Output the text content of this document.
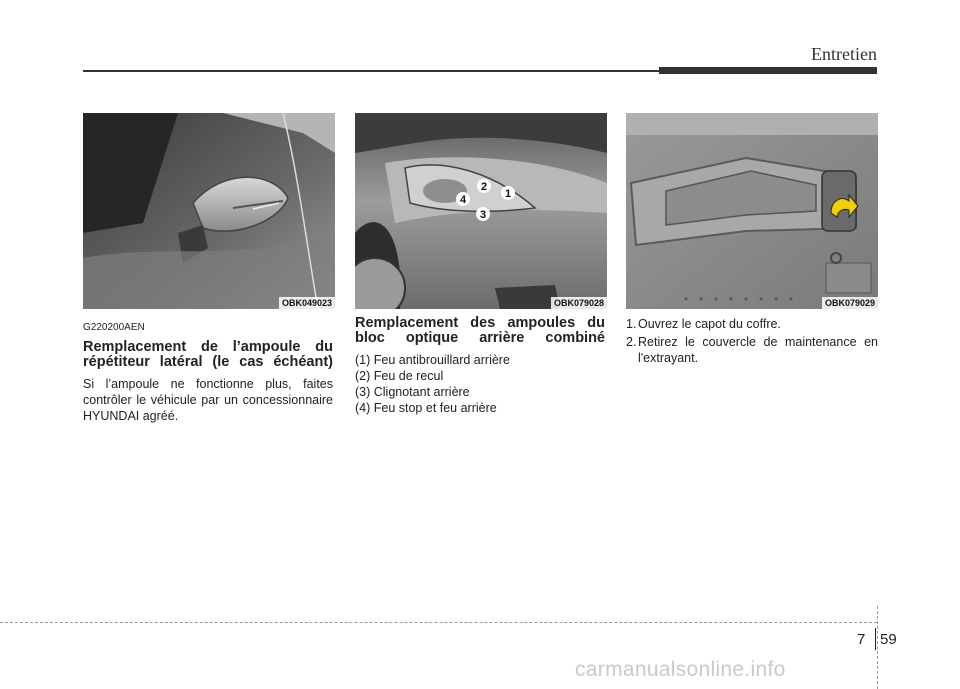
Entretien
OBK049023
1
2
3
4
OBK079028	OBK079029
G220200AEN
Remplacement de l’ampoule du répétiteur latéral (le cas échéant)
Si l’ampoule ne fonctionne plus, faites contrôler le véhicule par un concessionnaire HYUNDAI agréé.
Remplacement des ampoules du bloc optique arrière combiné
(1) Feu antibrouillard arrière
(2) Feu de recul
(3) Clignotant arrière
(4) Feu stop et feu arrière
1. Ouvrez le capot du coffre.
2. Retirez le couvercle de maintenance en l'extrayant.
7 59
carmanualsonline.info
